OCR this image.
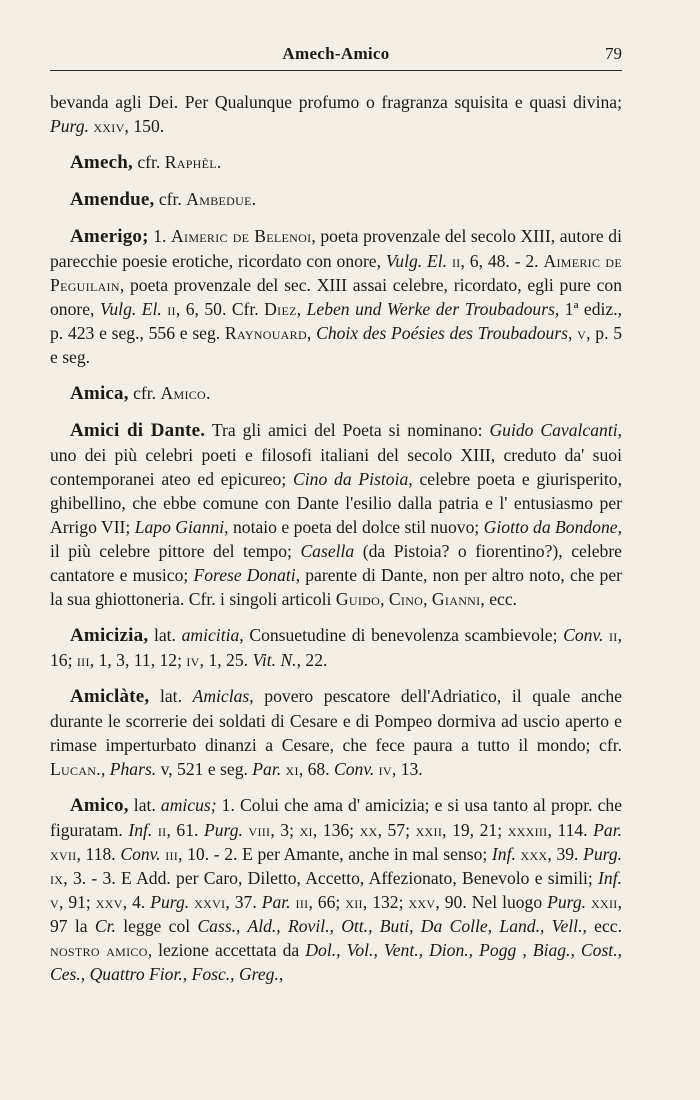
Amech-Amico	79

bevanda agli Dei. Per Qualunque profumo o fragranza squisita e quasi divina; Purg. xxiv, 150.

Amech, cfr. Raphèl.

Amendue, cfr. Ambedue.

Amerigo; 1. Aimeric de Belenoi, poeta provenzale del secolo XIII, autore di parecchie poesie erotiche, ricordato con onore, Vulg. El. ii, 6, 48. - 2. Aimeric de Peguilain, poeta provenzale del sec. XIII assai celebre, ricordato, egli pure con onore, Vulg. El. ii, 6, 50. Cfr. Diez, Leben und Werke der Troubadours, 1ª ediz., p. 423 e seg., 556 e seg. Raynouard, Choix des Poésies des Troubadours, v, p. 5 e seg.

Amica, cfr. Amico.

Amici di Dante. Tra gli amici del Poeta si nominano: Guido Cavalcanti, uno dei più celebri poeti e filosofi italiani del secolo XIII, creduto da' suoi contemporanei ateo ed epicureo; Cino da Pistoia, celebre poeta e giurisperito, ghibellino, che ebbe comune con Dante l'esilio dalla patria e l' entusiasmo per Arrigo VII; Lapo Gianni, notaio e poeta del dolce stil nuovo; Giotto da Bondone, il più celebre pittore del tempo; Casella (da Pistoia? o fiorentino?), celebre cantatore e musico; Forese Donati, parente di Dante, non per altro noto, che per la sua ghiottoneria. Cfr. i singoli articoli Guido, Cino, Gianni, ecc.

Amicizia, lat. amicitia, Consuetudine di benevolenza scambievole; Conv. ii, 16; iii, 1, 3, 11, 12; iv, 1, 25. Vit. N., 22.

Amiclàte, lat. Amiclas, povero pescatore dell'Adriatico, il quale anche durante le scorrerie dei soldati di Cesare e di Pompeo dormiva ad uscio aperto e rimase imperturbato dinanzi a Cesare, che fece paura a tutto il mondo; cfr. Lucan., Phars. v, 521 e seg. Par. xi, 68. Conv. iv, 13.

Amico, lat. amicus; 1. Colui che ama d' amicizia; e si usa tanto al propr. che figuratam. Inf. ii, 61. Purg. viii, 3; xi, 136; xx, 57; xxii, 19, 21; xxxiii, 114. Par. xvii, 118. Conv. iii, 10. - 2. E per Amante, anche in mal senso; Inf. xxx, 39. Purg. ix, 3. - 3. E Add. per Caro, Diletto, Accetto, Affezionato, Benevolo e simili; Inf. v, 91; xxv, 4. Purg. xxvi, 37. Par. iii, 66; xii, 132; xxv, 90. Nel luogo Purg. xxii, 97 la Cr. legge col Cass., Ald., Rovil., Ott., Buti, Da Colle, Land., Vell., ecc. nostro amico, lezione accettata da Dol., Vol., Vent., Dion., Pogg , Biag., Cost., Ces., Quattro Fior., Fosc., Greg.,
